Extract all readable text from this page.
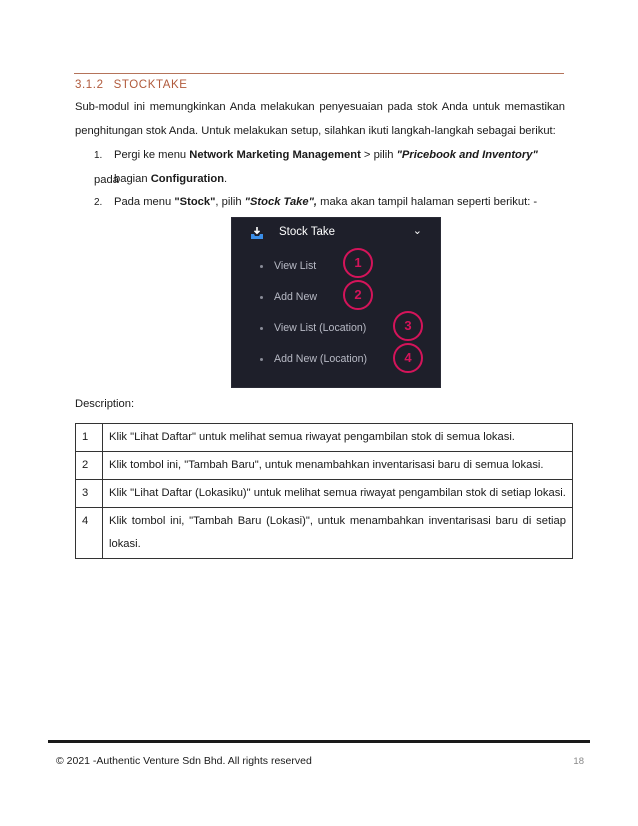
3.1.2 STOCKTAKE
Sub-modul ini memungkinkan Anda melakukan penyesuaian pada stok Anda untuk memastikan penghitungan stok Anda. Untuk melakukan setup, silahkan ikuti langkah-langkah sebagai berikut:
1. Pergi ke menu Network Marketing Management > pilih "Pricebook and Inventory" pada
bagian Configuration.
2. Pada menu "Stock", pilih "Stock Take", maka akan tampil halaman seperti berikut: -
Stock Take	⌄
View List
Add New
View List (Location)
Add New (Location)
1
2
3
4
Description:
1	Klik "Lihat Daftar" untuk melihat semua riwayat pengambilan stok di semua lokasi.
2	Klik tombol ini, "Tambah Baru", untuk menambahkan inventarisasi baru di semua lokasi.
3	Klik "Lihat Daftar (Lokasiku)" untuk melihat semua riwayat pengambilan stok di setiap lokasi.
4	Klik tombol ini, "Tambah Baru (Lokasi)", untuk menambahkan inventarisasi baru di setiap lokasi.
© 2021 -Authentic Venture Sdn Bhd. All rights reserved	18
